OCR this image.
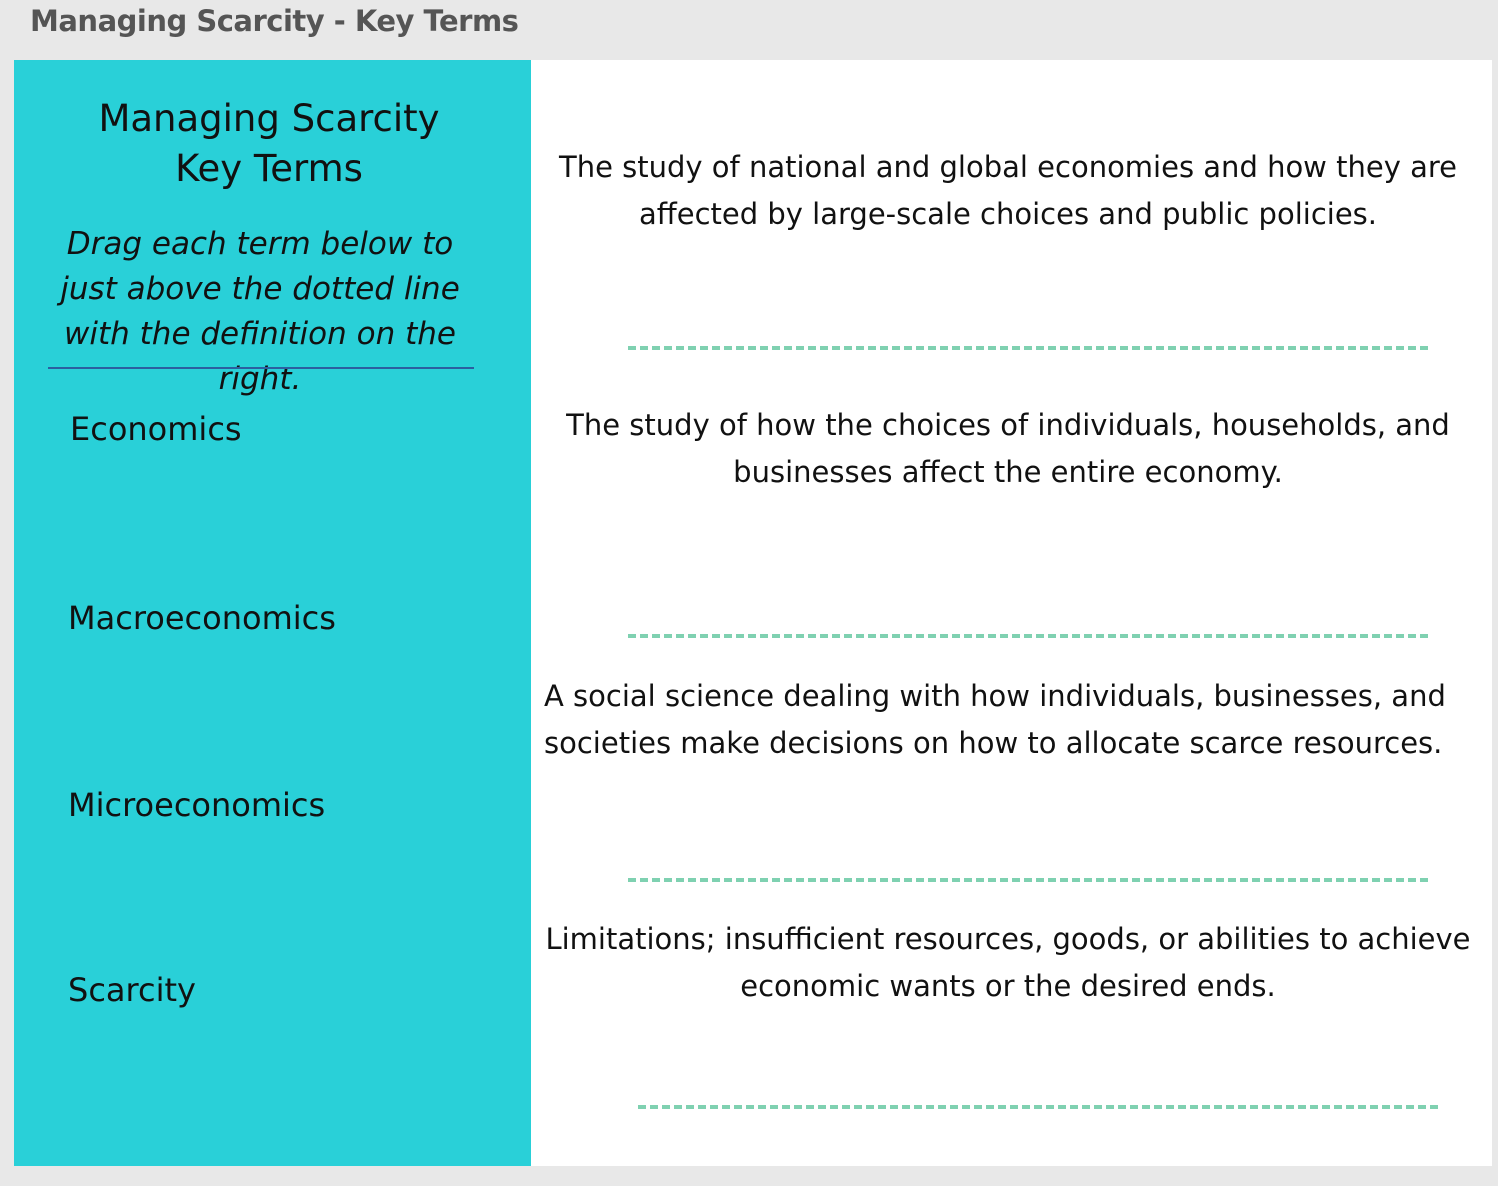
Managing Scarcity - Key Terms
Managing Scarcity
Key Terms
Drag each term below to just above the dotted line with the definition on the right.
Economics
Macroeconomics
Microeconomics
Scarcity
The study of national and global economies and how they are
affected by large-scale choices and public policies.
The study of how the choices of individuals, households, and
businesses affect the entire economy.
A social science dealing with how individuals, businesses, and
societies make decisions on how to allocate scarce resources.
Limitations; insufficient resources, goods, or abilities to achieve
economic wants or the desired ends.
